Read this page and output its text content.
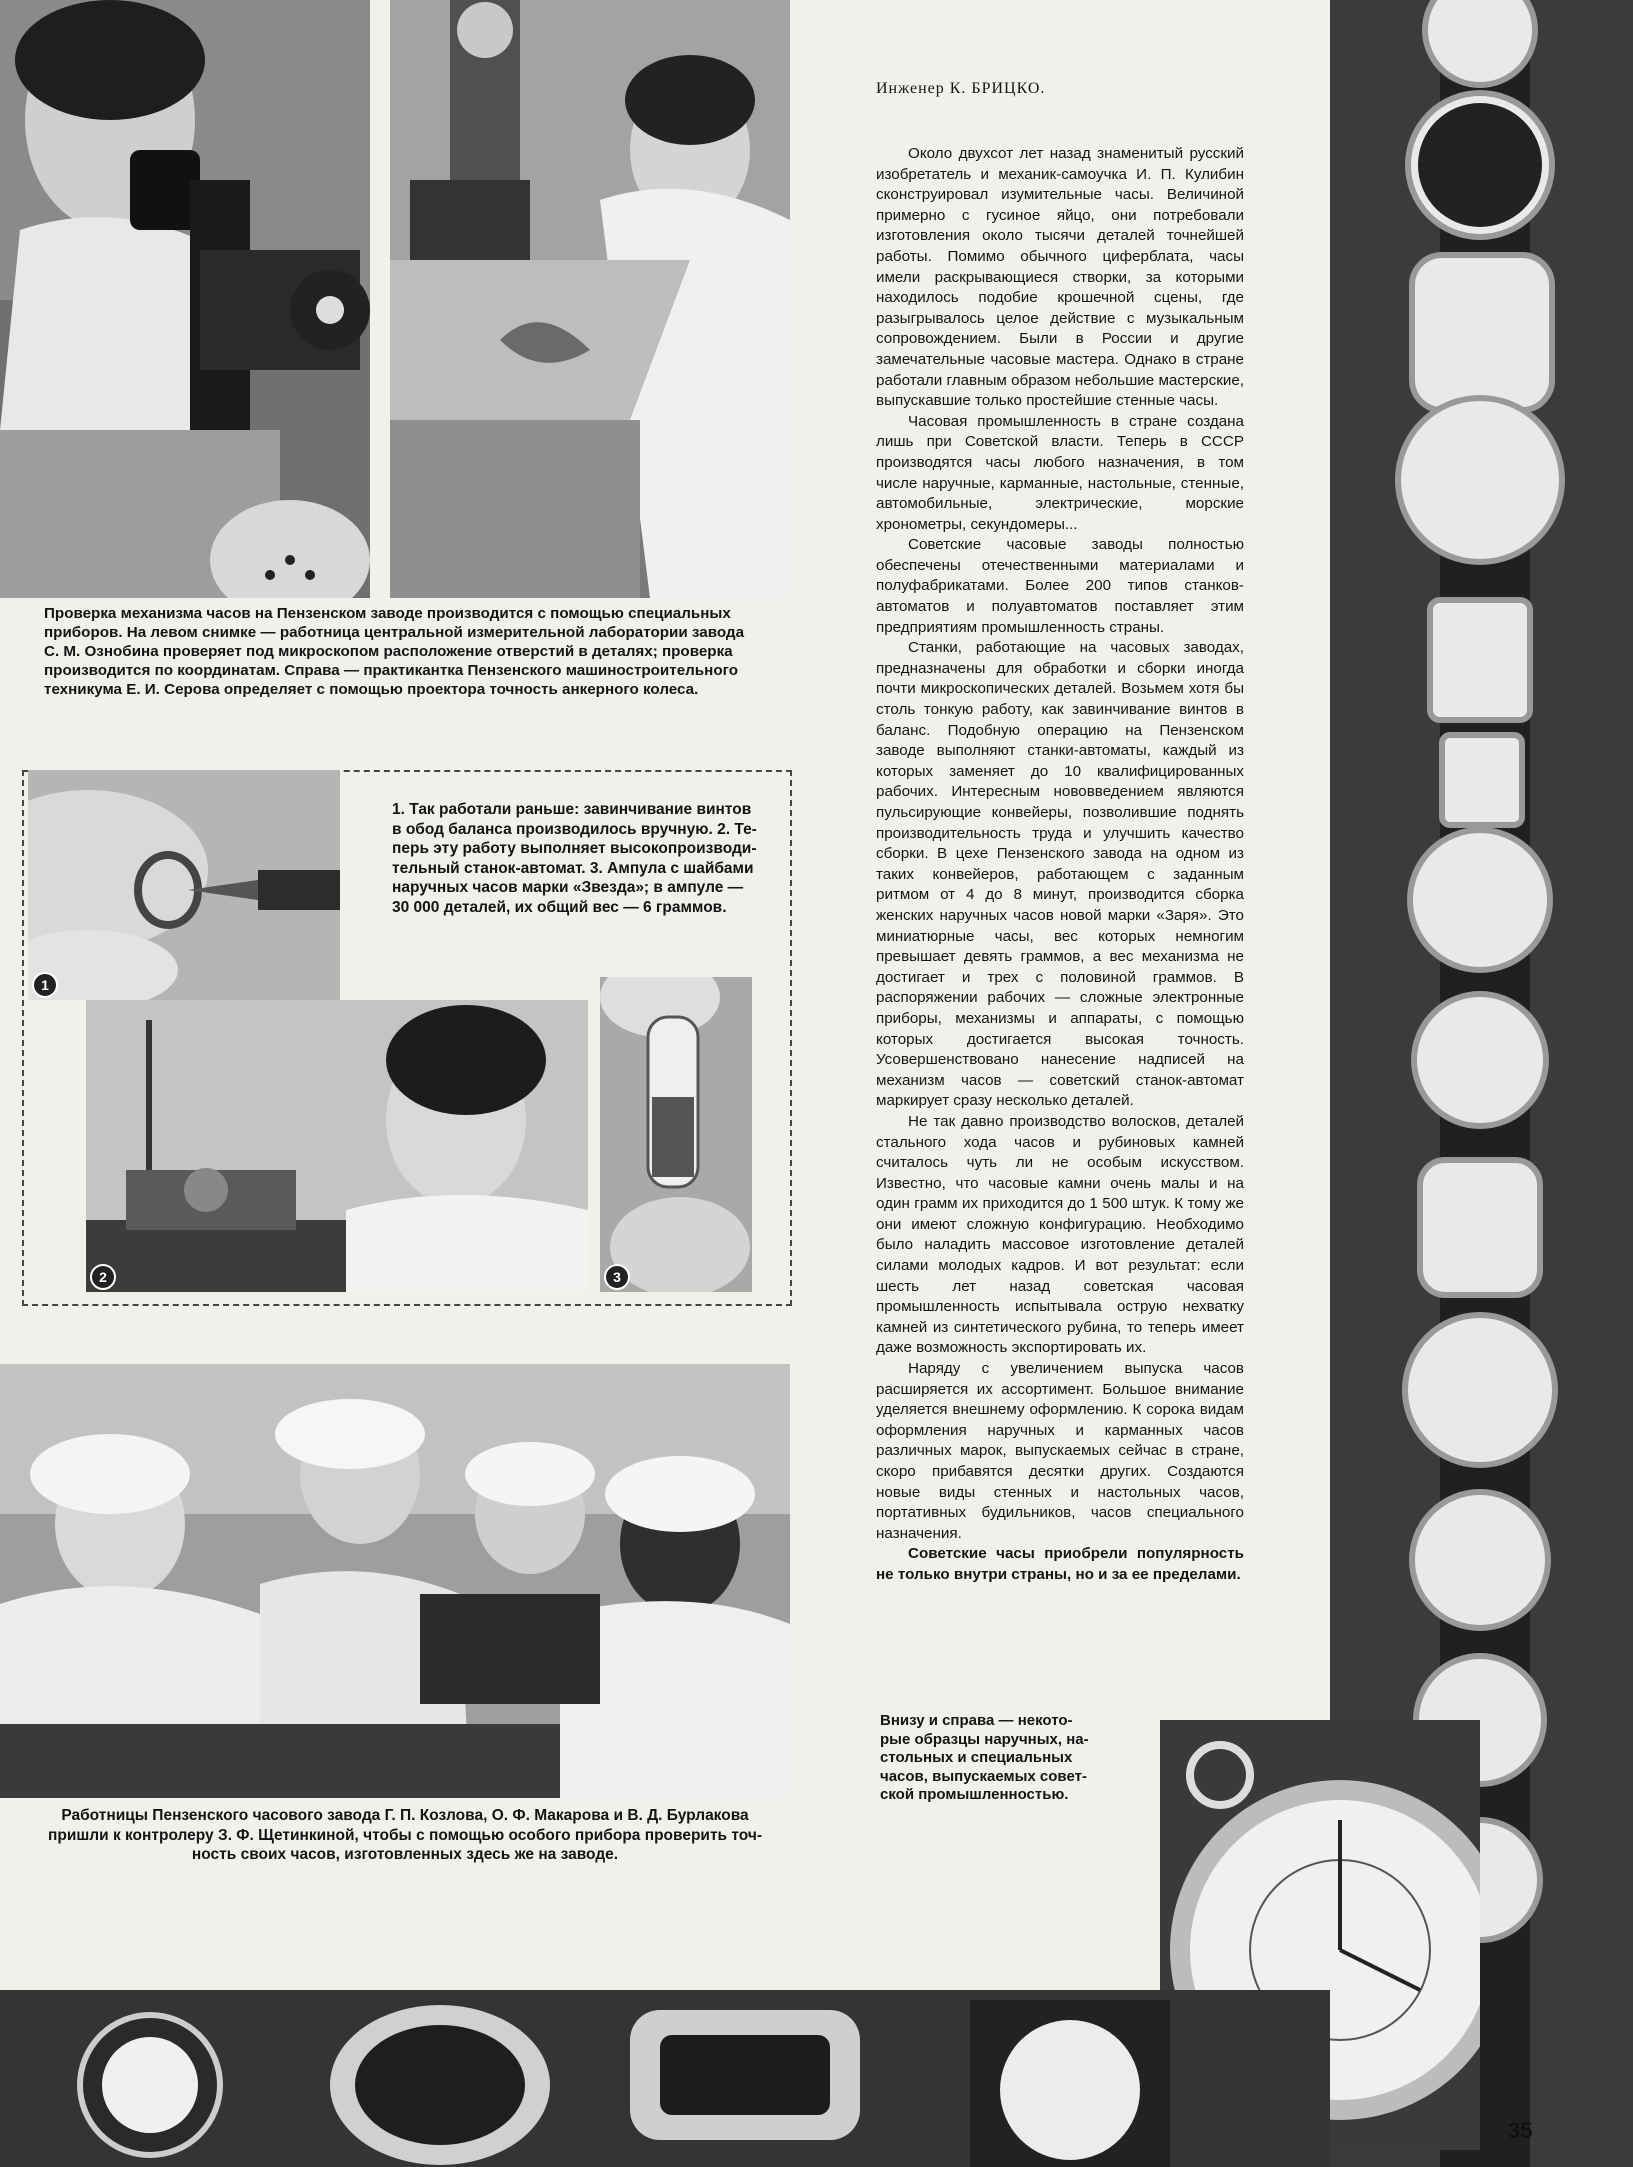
Проверка механизма часов на Пензенском заводе производится с помощью специальных
приборов. На левом снимке — работница центральной измерительной лаборатории завода
С. М. Ознобина проверяет под микроскопом расположение отверстий в деталях; проверка
производится по координатам. Справа — практикантка Пензенского машиностроительного
техникума Е. И. Серова определяет с помощью проектора точность анкерного колеса.

1

1. Так работали раньше: завинчивание винтов
в обод баланса производилось вручную. 2. Те-
перь эту работу выполняет высокопроизводи-
тельный станок-автомат. 3. Ампула с шайбами
наручных часов марки «Звезда»; в ампуле —
30 000 деталей, их общий вес — 6 граммов.

2	3

Работницы Пензенского часового завода Г. П. Козлова, О. Ф. Макарова и В. Д. Бурлакова
пришли к контролеру З. Ф. Щетинкиной, чтобы с помощью особого прибора проверить точ-
ность своих часов, изготовленных здесь же на заводе.

Инженер К. БРИЦКО.

Около двухсот лет назад знаменитый русский изобретатель и механик-самоучка И. П. Кулибин сконструировал изумительные часы. Величиной примерно с гусиное яйцо, они потребовали изготовления около тысячи деталей точнейшей работы. Помимо обычного циферблата, часы имели раскрывающиеся створки, за которыми находилось подобие крошечной сцены, где разыгрывалось целое действие с музыкальным сопровождением. Были в России и другие замечательные часовые мастера. Однако в стране работали главным образом небольшие мастерские, выпускавшие только простейшие стенные часы.

Часовая промышленность в стране создана лишь при Советской власти. Теперь в СССР производятся часы любого назначения, в том числе наручные, карманные, настольные, стенные, автомобильные, электрические, морские хронометры, секундомеры...

Советские часовые заводы полностью обеспечены отечественными материалами и полуфабрикатами. Более 200 типов станков-автоматов и полуавтоматов поставляет этим предприятиям промышленность страны.

Станки, работающие на часовых заводах, предназначены для обработки и сборки иногда почти микроскопических деталей. Возьмем хотя бы столь тонкую работу, как завинчивание винтов в баланс. Подобную операцию на Пензенском заводе выполняют станки-автоматы, каждый из которых заменяет до 10 квалифицированных рабочих. Интересным нововведением являются пульсирующие конвейеры, позволившие поднять производительность труда и улучшить качество сборки. В цехе Пензенского завода на одном из таких конвейеров, работающем с заданным ритмом от 4 до 8 минут, производится сборка женских наручных часов новой марки «Заря». Это миниатюрные часы, вес которых немногим превышает девять граммов, а вес механизма не достигает и трех с половиной граммов. В распоряжении рабочих — сложные электронные приборы, механизмы и аппараты, с помощью которых достигается высокая точность. Усовершенствовано нанесение надписей на механизм часов — советский станок-автомат маркирует сразу несколько деталей.

Не так давно производство волосков, деталей стального хода часов и рубиновых камней считалось чуть ли не особым искусством. Известно, что часовые камни очень малы и на один грамм их приходится до 1 500 штук. К тому же они имеют сложную конфигурацию. Необходимо было наладить массовое изготовление деталей силами молодых кадров. И вот результат: если шесть лет назад советская часовая промышленность испытывала острую нехватку камней из синтетического рубина, то теперь имеет даже возможность экспортировать их.

Наряду с увеличением выпуска часов расширяется их ассортимент. Большое внимание уделяется внешнему оформлению. К сорока видам оформления наручных и карманных часов различных марок, выпускаемых сейчас в стране, скоро прибавятся десятки других. Создаются новые виды стенных и настольных часов, портативных будильников, часов специального назначения.

Советские часы приобрели популярность не только внутри страны, но и за ее пределами.

Внизу и справа — некото-
рые образцы наручных, на-
стольных и специальных
часов, выпускаемых совет-
ской промышленностью.

35
